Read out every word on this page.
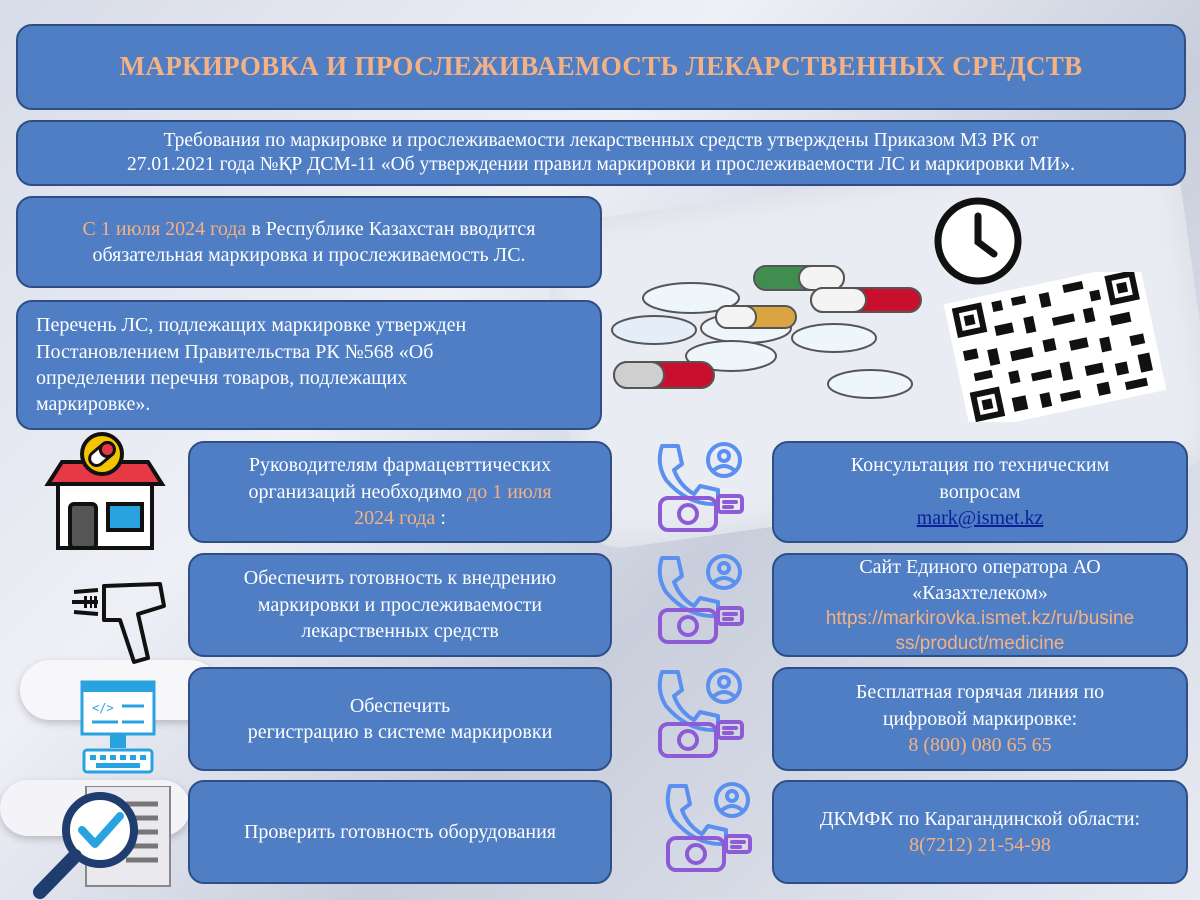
МАРКИРОВКА И ПРОСЛЕЖИВАЕМОСТЬ ЛЕКАРСТВЕННЫХ СРЕДСТВ
Требования по маркировке и прослеживаемости лекарственных средств утверждены Приказом МЗ РК от
27.01.2021 года №ҚР ДСМ-11 «Об утверждении правил маркировки и прослеживаемости ЛС и маркировки МИ».
С 1 июля 2024 года в Республике Казахстан вводится
обязательная маркировка и прослеживаемость ЛС.
Перечень ЛС, подлежащих маркировке утвержден
Постановлением Правительства РК №568 «Об
определении перечня товаров, подлежащих
маркировке».
</>
Руководителям фармацевттических
организаций необходимо до 1 июля
2024 года :
Обеспечить готовность к внедрению
маркировки и прослеживаемости
лекарственных средств
Обеспечить
регистрацию в системе маркировки
Проверить готовность оборудования
Консультация по техническим
вопросам
mark@ismet.kz
Сайт Единого оператора АО
«Казахтелеком»
https://markirovka.ismet.kz/ru/busine
ss/product/medicine
Бесплатная горячая линия по
цифровой маркировке:
8 (800) 080 65 65
ДКМФК по Карагандинской области:
8(7212) 21-54-98
